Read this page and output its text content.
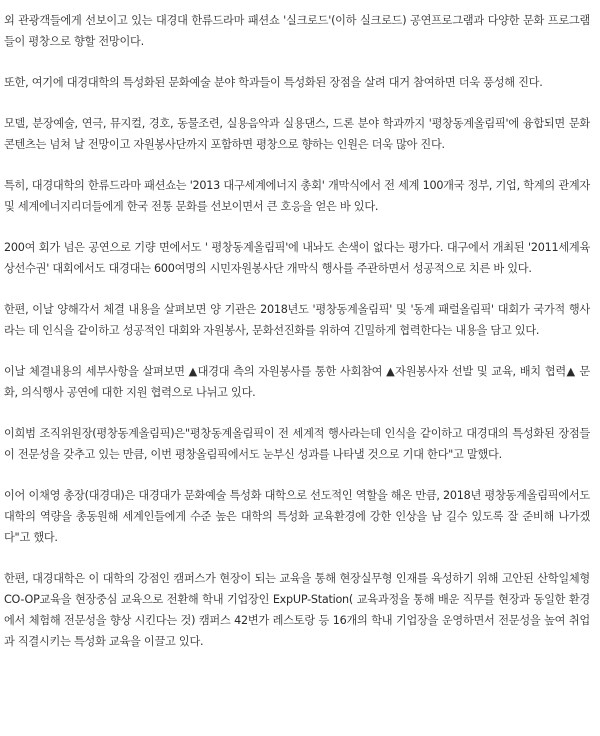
외 관광객들에게 선보이고 있는 대경대 한류드라마 패션쇼 '실크로드'(이하 실크로드) 공연프로그램과 다양한 문화 프로그램들이 평창으로 향할 전망이다.

또한, 여기에 대경대학의 특성화된 문화예술 분야 학과들이 특성화된 장점을 살려 대거 참여하면 더욱 풍성해 진다.

모델, 분장예술, 연극, 뮤지컬, 경호, 동물조련, 실용음악과 실용댄스, 드론 분야 학과까지 '평창동계올림픽'에 융합되면 문화콘텐츠는 넘쳐 날 전망이고 자원봉사단까지 포함하면 평창으로 향하는 인원은 더욱 많아 진다.

특히, 대경대학의 한류드라마 패션쇼는 '2013 대구세계에너지 총회' 개막식에서 전 세계 100개국 정부, 기업, 학계의 관계자 및 세계에너지리더들에게 한국 전통 문화를 선보이면서 큰 호응을 얻은 바 있다.

200여 회가 넘은 공연으로 기량 면에서도 ' 평창동계올림픽'에 내놔도 손색이 없다는 평가다. 대구에서 개최된 '2011세계육상선수권' 대회에서도 대경대는 600여명의 시민자원봉사단 개막식 행사를 주관하면서 성공적으로 치른 바 있다.

한편, 이날 양해각서 체결 내용을 살펴보면 양 기관은 2018년도 '평창동계올림픽' 및 '동계 패럴올림픽' 대회가 국가적 행사라는 데 인식을 같이하고 성공적인 대회와 자원봉사, 문화선진화를 위하여 긴밀하게 협력한다는 내용을 담고 있다.

이날 체결내용의 세부사항을 살펴보면 ▲대경대 측의 자원봉사를 통한 사회참여 ▲자원봉사자 선발 및 교육, 배치 협력▲ 문화, 의식행사 공연에 대한 지원 협력으로 나뉘고 있다.

이희범 조직위원장(평창동계올림픽)은"평창동계올림픽이 전 세계적 행사라는데 인식을 같이하고 대경대의 특성화된 장점들이 전문성을 갖추고 있는 만큼, 이번 평창올림픽에서도 눈부신 성과를 나타낼 것으로 기대 한다"고 말했다.

이어 이채영 총장(대경대)은 대경대가 문화예술 특성화 대학으로 선도적인 역할을 해온 만큼, 2018년 평창동계올림픽에서도 대학의 역량을 총동원해 세계인들에게 수준 높은 대학의 특성화 교육환경에 강한 인상을 남 길수 있도록 잘 준비해 나가겠다"고 했다.

한편, 대경대학은 이 대학의 강점인 캠퍼스가 현장이 되는 교육을 통해 현장실무형 인재를 육성하기 위해 고안된 산학일체형 CO-OP교육을 현장중심 교육으로 전환해 학내 기업장인 ExpUP-Station( 교육과정을 통해 배운 직무를 현장과 동일한 환경에서 체험해 전문성을 향상 시킨다는 것) 캠퍼스 42변가 레스토랑 등 16개의 학내 기업장을 운영하면서 전문성을 높여 취업과 직결시키는 특성화 교육을 이끌고 있다.
